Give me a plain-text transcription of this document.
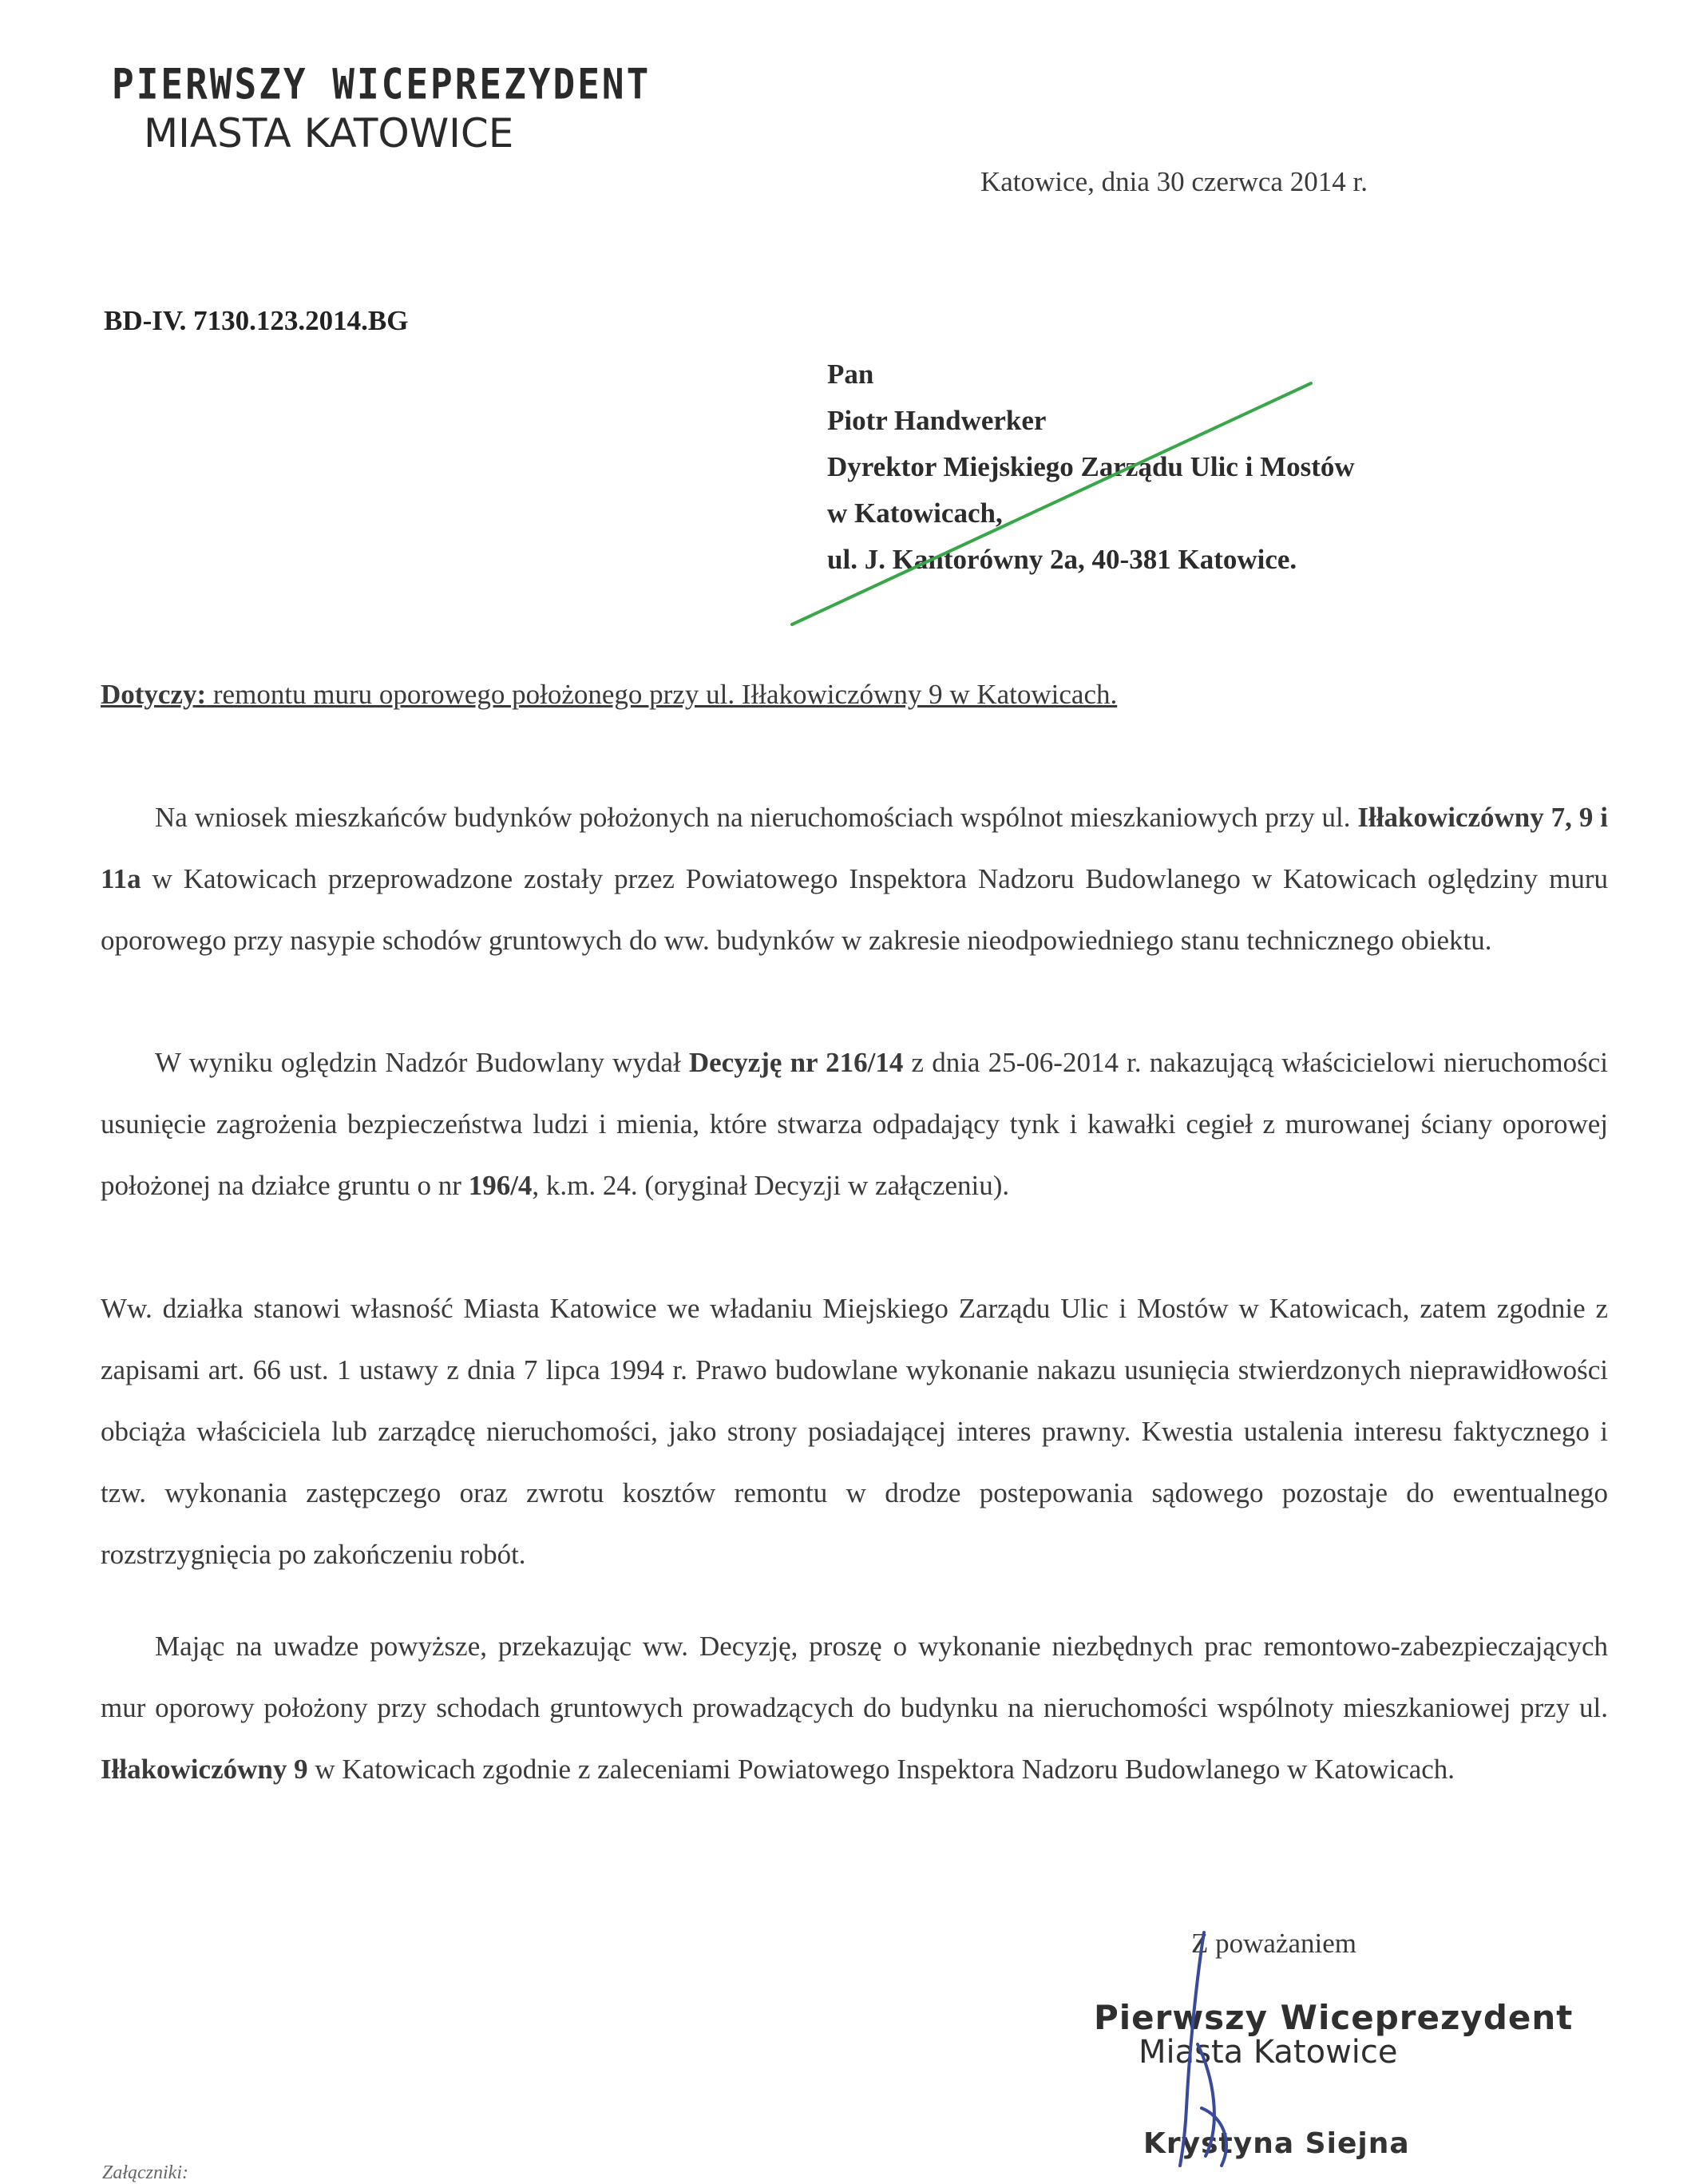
PIERWSZY WICEPREZYDENT
MIASTA KATOWICE
Katowice, dnia 30 czerwca 2014 r.
BD-IV. 7130.123.2014.BG
Pan
Piotr Handwerker
Dyrektor Miejskiego Zarządu Ulic i Mostów
w Katowicach,
ul. J. Kantorówny 2a, 40-381 Katowice.
Dotyczy: remontu muru oporowego położonego przy ul. Iłłakowiczówny 9 w Katowicach.

Na wniosek mieszkańców budynków położonych na nieruchomościach wspólnot mieszkaniowych przy ul. Iłłakowiczówny 7, 9 i 11a w Katowicach przeprowadzone zostały przez Powiatowego Inspektora Nadzoru Budowlanego w Katowicach oględziny muru oporowego przy nasypie schodów gruntowych do ww. budynków w zakresie nieodpowiedniego stanu technicznego obiektu.

W wyniku oględzin Nadzór Budowlany wydał Decyzję nr 216/14 z dnia 25-06-2014 r. nakazującą właścicielowi nieruchomości usunięcie zagrożenia bezpieczeństwa ludzi i mienia, które stwarza odpadający tynk i kawałki cegieł z murowanej ściany oporowej położonej na działce gruntu o nr 196/4, k.m. 24. (oryginał Decyzji w załączeniu).

Ww. działka stanowi własność Miasta Katowice we władaniu Miejskiego Zarządu Ulic i Mostów w Katowicach, zatem zgodnie z zapisami art. 66 ust. 1 ustawy z dnia 7 lipca 1994 r. Prawo budowlane wykonanie nakazu usunięcia stwierdzonych nieprawidłowości obciąża właściciela lub zarządcę nieruchomości, jako strony posiadającej interes prawny. Kwestia ustalenia interesu faktycznego i tzw. wykonania zastępczego oraz zwrotu kosztów remontu w drodze postepowania sądowego pozostaje do ewentualnego rozstrzygnięcia po zakończeniu robót.

Mając na uwadze powyższe, przekazując ww. Decyzję, proszę o wykonanie niezbędnych prac remontowo-zabezpieczających mur oporowy położony przy schodach gruntowych prowadzących do budynku na nieruchomości wspólnoty mieszkaniowej przy ul. Iłłakowiczówny 9 w Katowicach zgodnie z zaleceniami Powiatowego Inspektora Nadzoru Budowlanego w Katowicach.

Z poważaniem
Pierwszy Wiceprezydent
Miasta Katowice
Krystyna Siejna
Załączniki:
